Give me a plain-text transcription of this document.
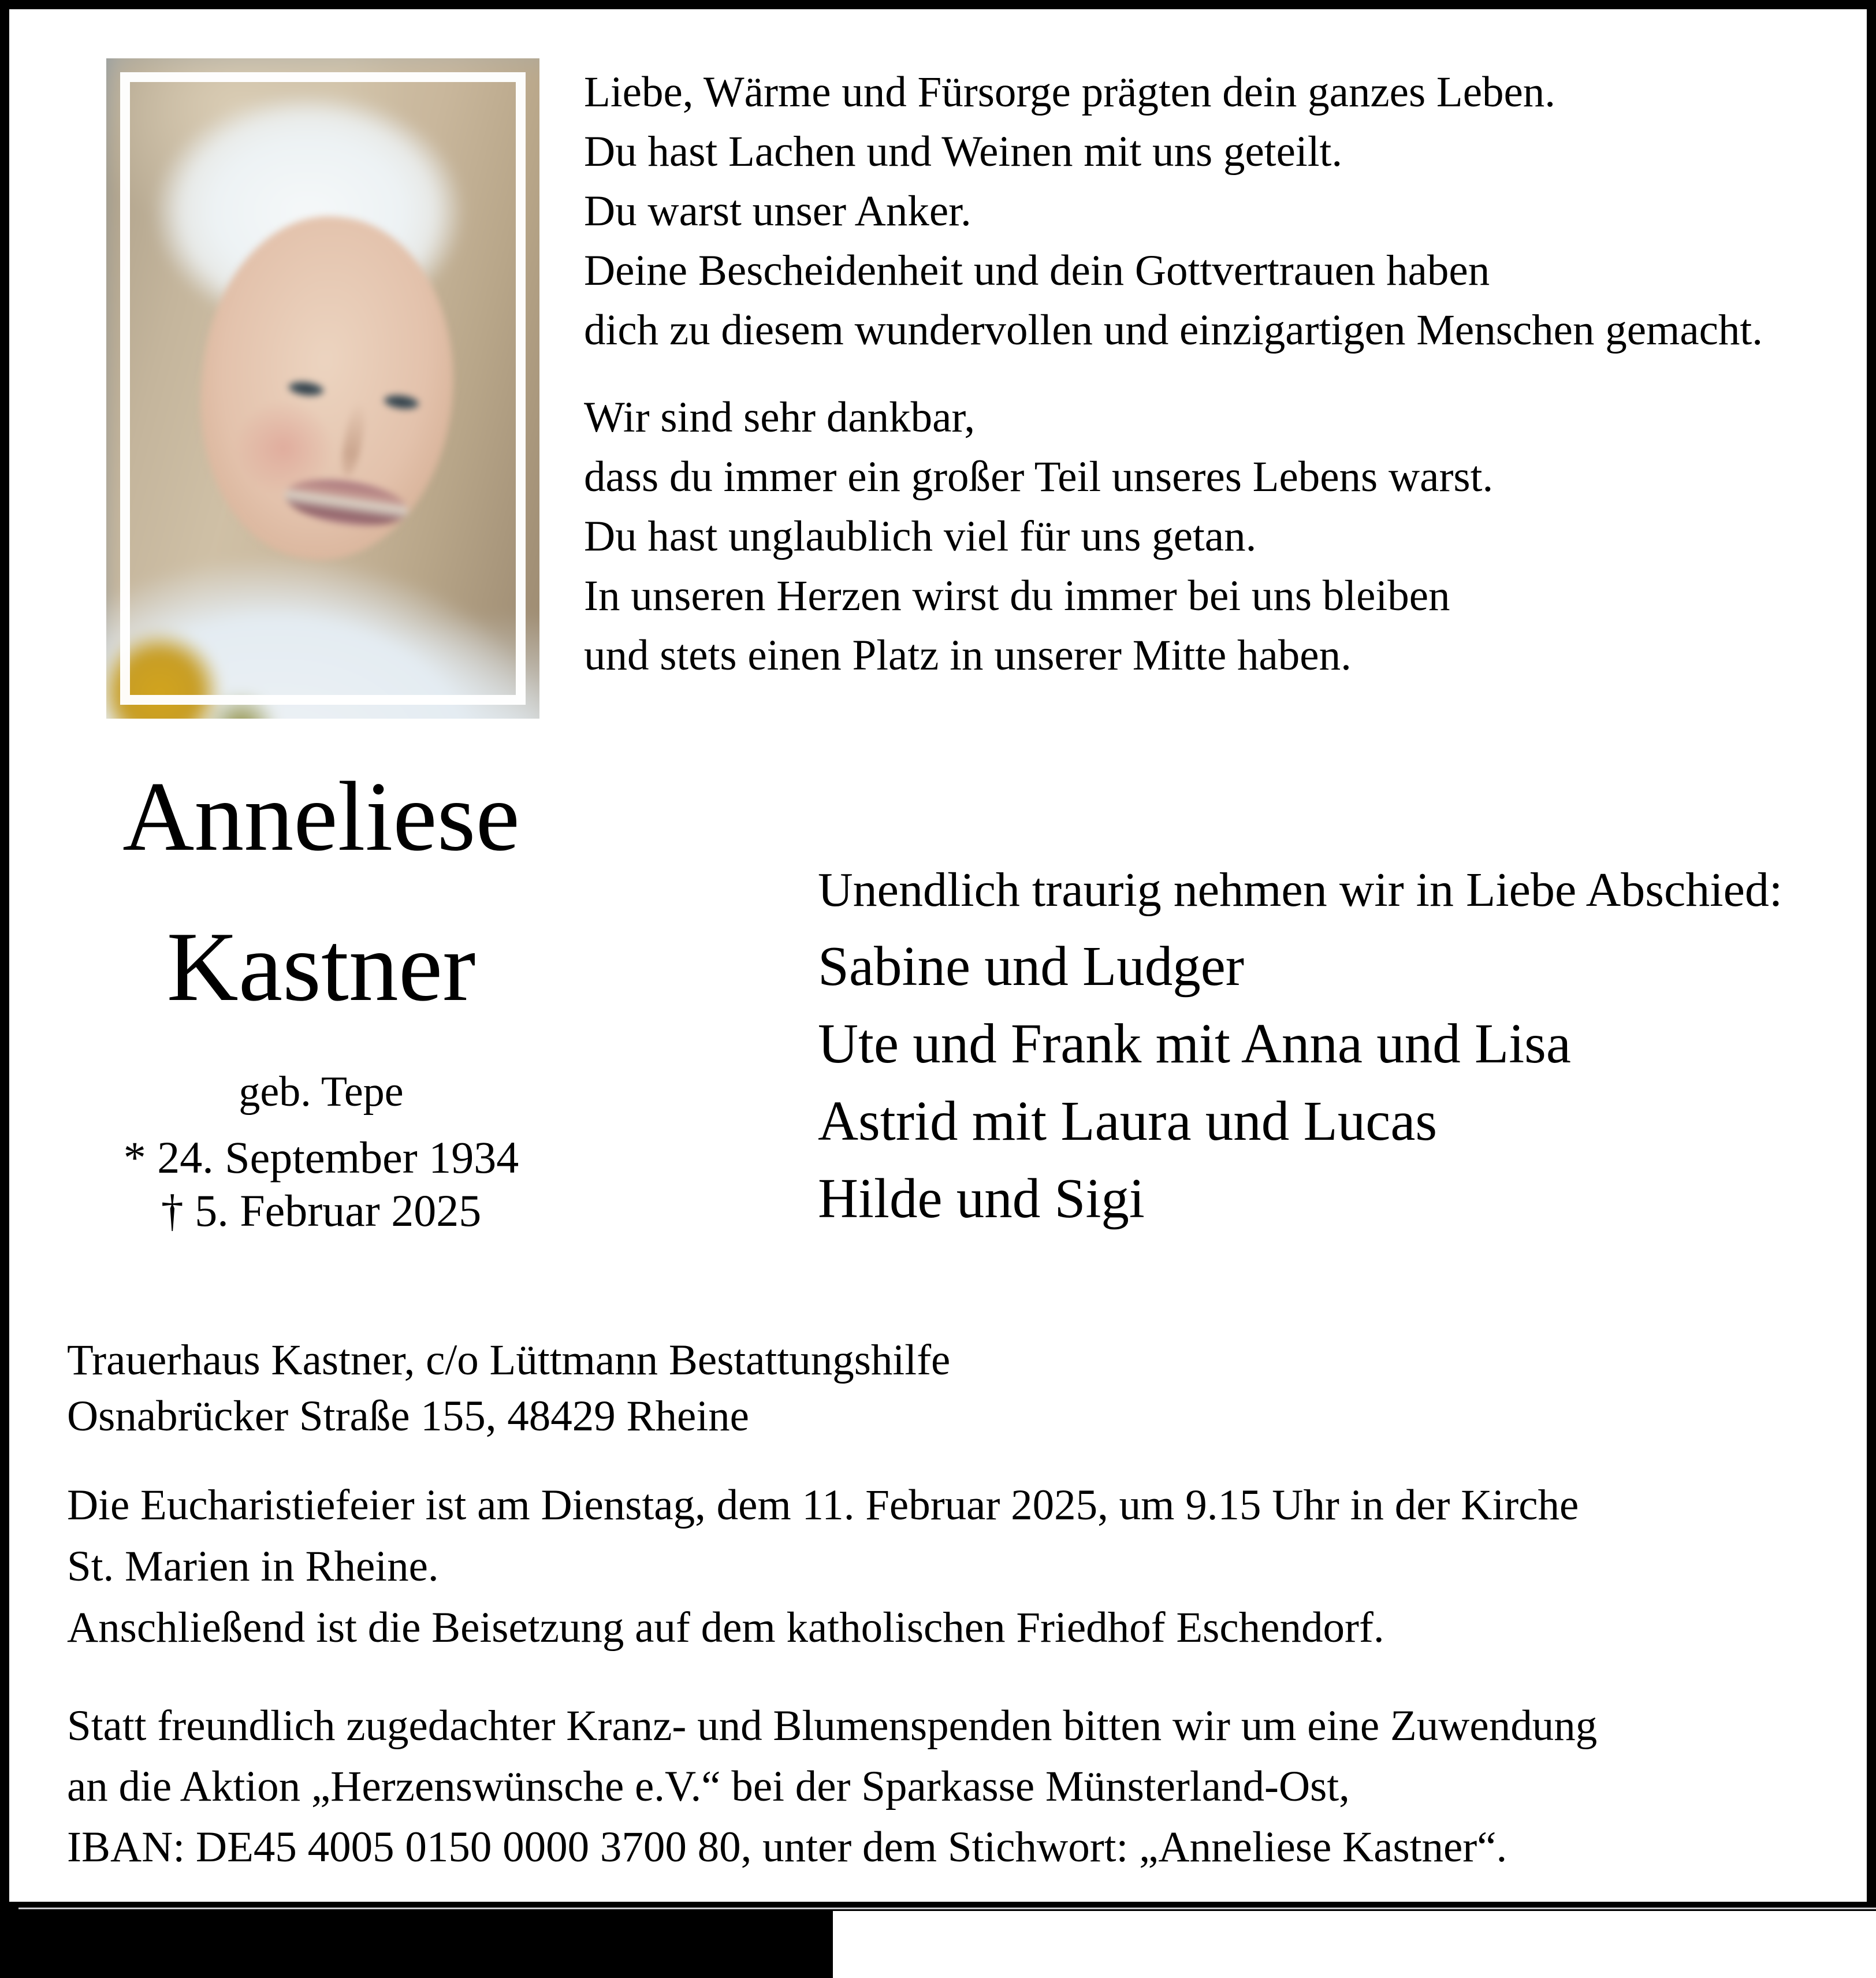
Liebe, Wärme und Fürsorge prägten dein ganzes Leben.
Du hast Lachen und Weinen mit uns geteilt.
Du warst unser Anker.
Deine Bescheidenheit und dein Gottvertrauen haben
dich zu diesem wundervollen und einzigartigen Menschen gemacht.
Wir sind sehr dankbar,
dass du immer ein großer Teil unseres Lebens warst.
Du hast unglaublich viel für uns getan.
In unseren Herzen wirst du immer bei uns bleiben
und stets einen Platz in unserer Mitte haben.
Anneliese
Kastner
geb. Tepe
* 24. September 1934
† 5. Februar 2025
Unendlich traurig nehmen wir in Liebe Abschied:
Sabine und Ludger
Ute und Frank mit Anna und Lisa
Astrid mit Laura und Lucas
Hilde und Sigi
Trauerhaus Kastner, c/o Lüttmann Bestattungshilfe
Osnabrücker Straße 155, 48429 Rheine
Die Eucharistiefeier ist am Dienstag, dem 11. Februar 2025, um 9.15 Uhr in der Kirche
St. Marien in Rheine.
Anschließend ist die Beisetzung auf dem katholischen Friedhof Eschendorf.
Statt freundlich zugedachter Kranz- und Blumenspenden bitten wir um eine Zuwendung
an die Aktion „Herzenswünsche e.V.“ bei der Sparkasse Münsterland-Ost,
IBAN: DE45 4005 0150 0000 3700 80, unter dem Stichwort: „Anneliese Kastner“.
